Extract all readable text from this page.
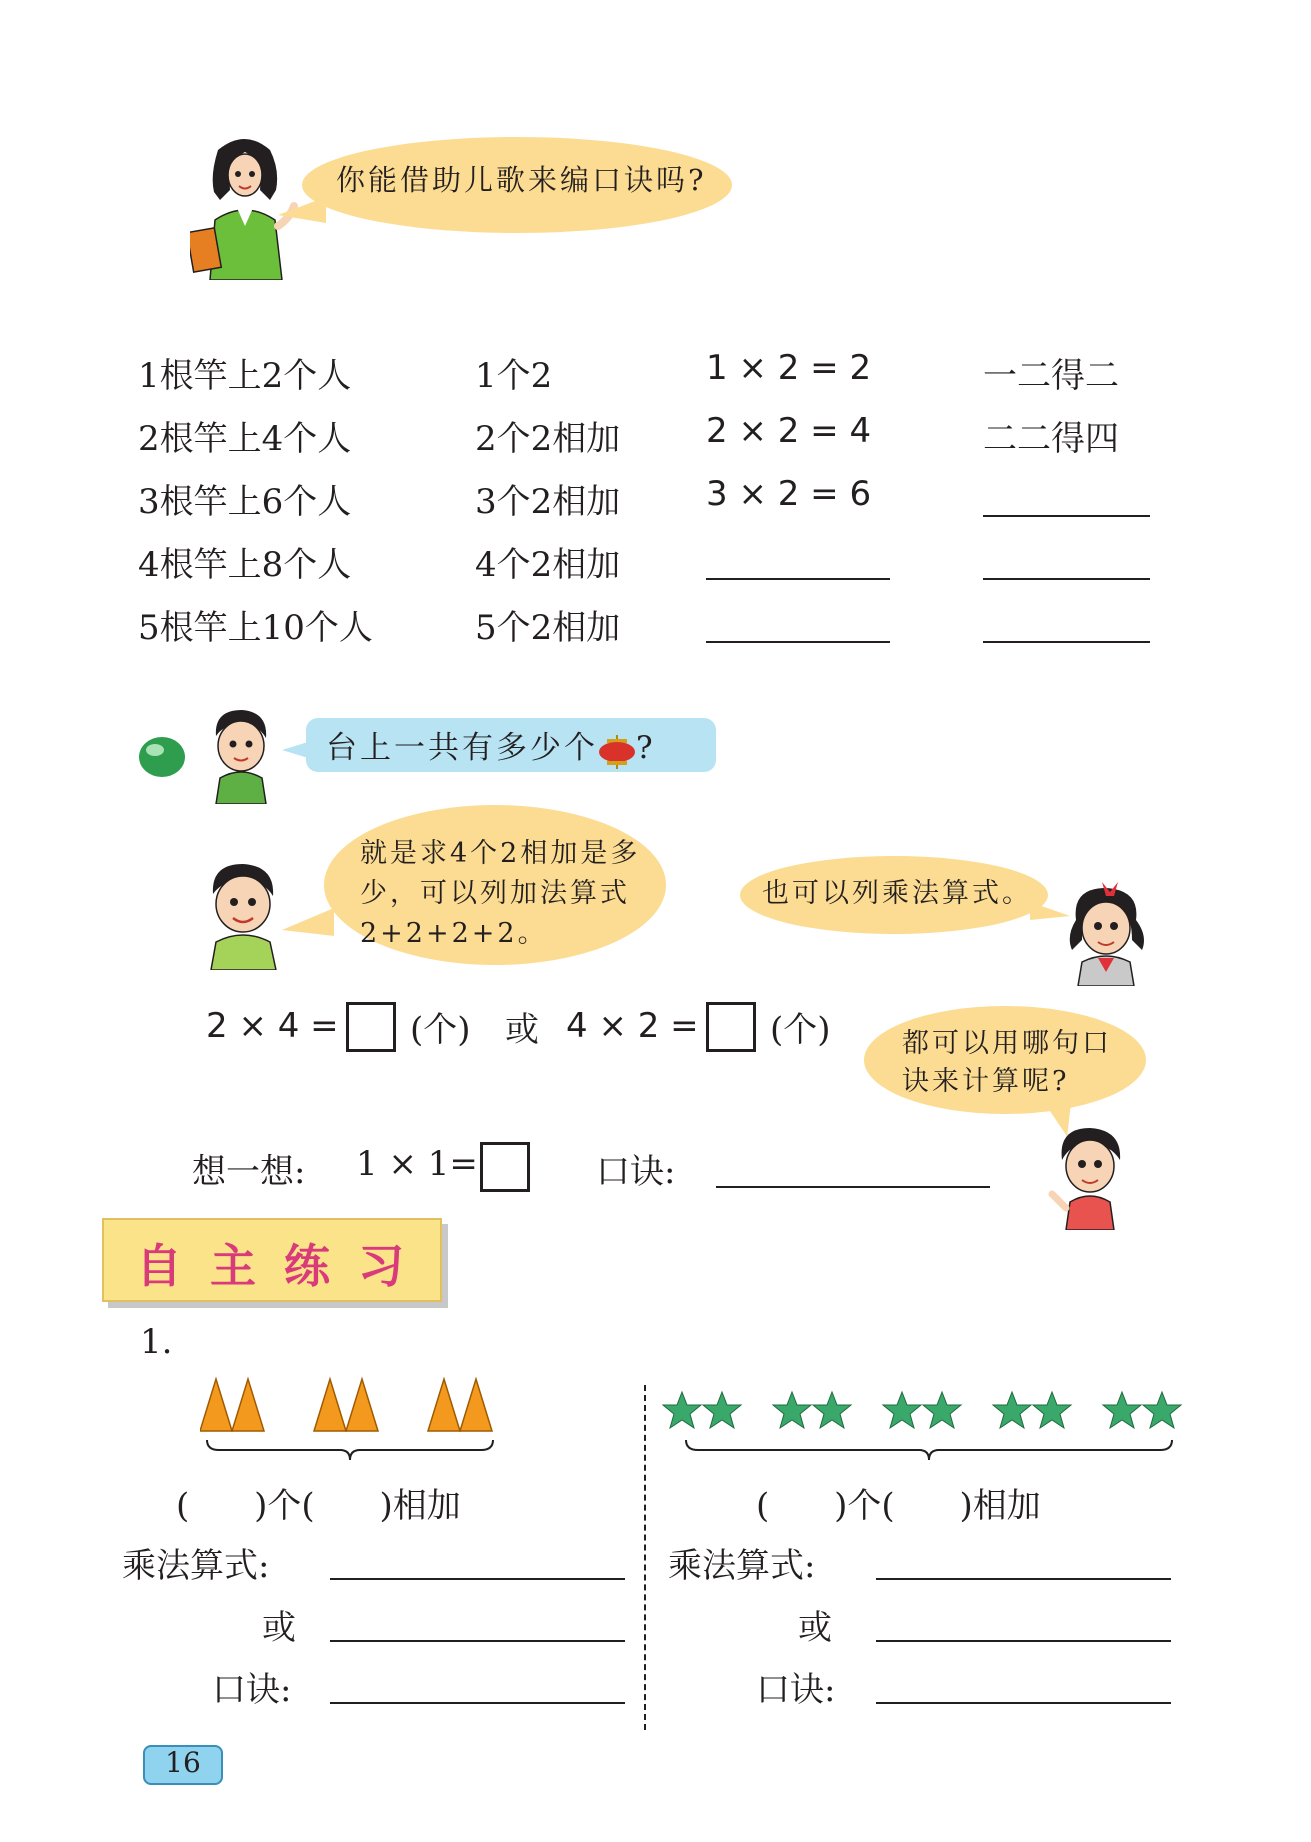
你能借助儿歌来编口诀吗?
1根竿上2个人	1个2	1 × 2 = 2	一二得二
2根竿上4个人	2个2相加	2 × 2 = 4	二二得四
3根竿上6个人	3个2相加	3 × 2 = 6
4根竿上8个人	4个2相加
5根竿上10个人	5个2相加
台上一共有多少个 ?
就是求4个2相加是多
少，可以列加法算式
2+2+2+2。
也可以列乘法算式。
2 × 4 = (个) 或 4 × 2 = (个)	都可以用哪句口
诀来计算呢?
想一想: 1 × 1=	口诀:
自 主 练 习
1.
(      )个(      )相加
乘法算式:
或
口诀:
(      )个(      )相加
乘法算式:
或
口诀:
16
